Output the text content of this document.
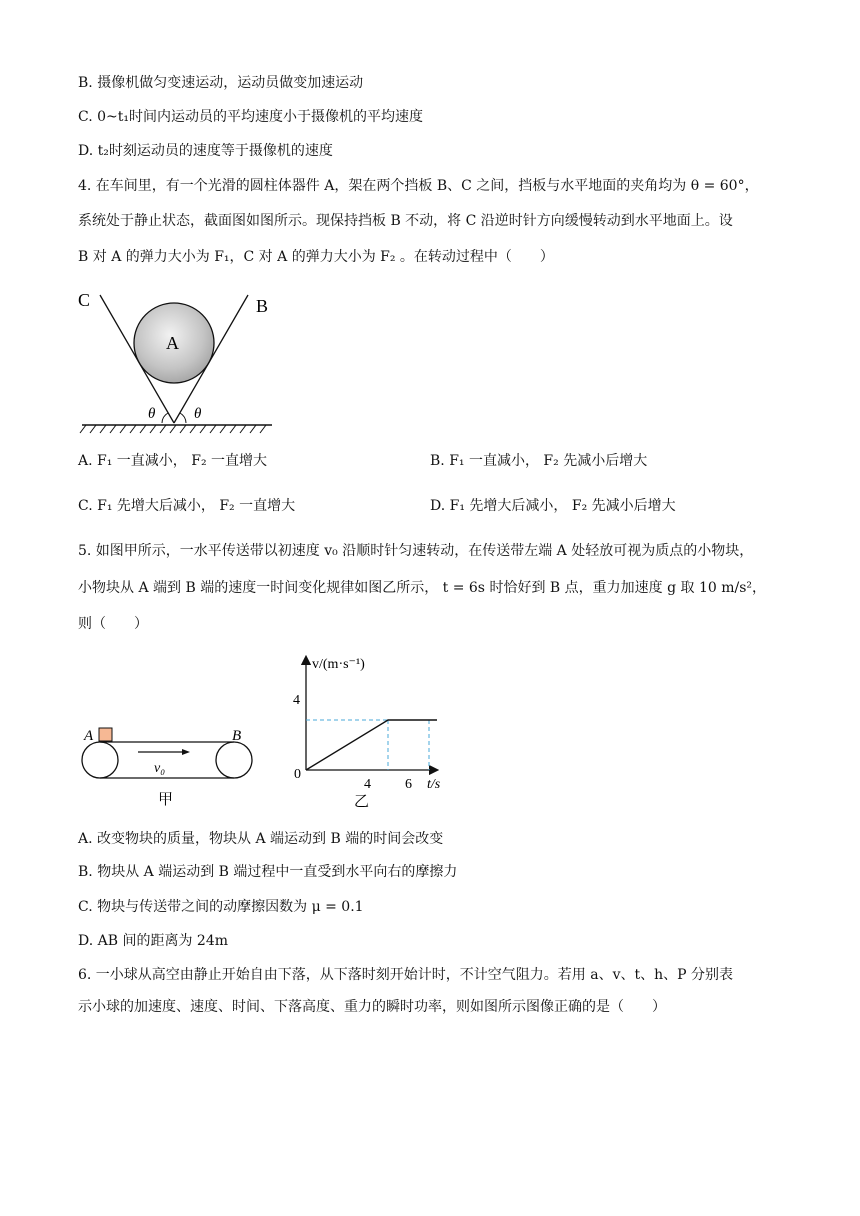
B. 摄像机做匀变速运动，运动员做变加速运动
C. 0~t₁时间内运动员的平均速度小于摄像机的平均速度
D. t₂时刻运动员的速度等于摄像机的速度
4. 在车间里，有一个光滑的圆柱体器件 A，架在两个挡板 B、C 之间，挡板与水平地面的夹角均为 θ = 60°，
系统处于静止状态，截面图如图所示。现保持挡板 B 不动，将 C 沿逆时针方向缓慢转动到水平地面上。设
B 对 A 的弹力大小为 F₁，C 对 A 的弹力大小为 F₂ 。在转动过程中（　　）
C	B
A
θ	θ
A. F₁ 一直减小， F₂ 一直增大	B. F₁ 一直减小， F₂ 先减小后增大
C. F₁ 先增大后减小， F₂ 一直增大	D. F₁ 先增大后减小， F₂ 先减小后增大
5. 如图甲所示，一水平传送带以初速度 v₀ 沿顺时针匀速转动，在传送带左端 A 处轻放可视为质点的小物块，
小物块从 A 端到 B 端的速度一时间变化规律如图乙所示， t = 6s 时恰好到 B 点，重力加速度 g 取 10 m/s²，
则（　　）
A	B
v₀
甲
v/(m·s⁻¹)
t/s
0
4
4 6
乙
A. 改变物块的质量，物块从 A 端运动到 B 端的时间会改变
B. 物块从 A 端运动到 B 端过程中一直受到水平向右的摩擦力
C. 物块与传送带之间的动摩擦因数为 μ = 0.1
D. AB 间的距离为 24m
6. 一小球从高空由静止开始自由下落，从下落时刻开始计时，不计空气阻力。若用 a、v、t、h、P 分别表
示小球的加速度、速度、时间、下落高度、重力的瞬时功率，则如图所示图像正确的是（　　）
